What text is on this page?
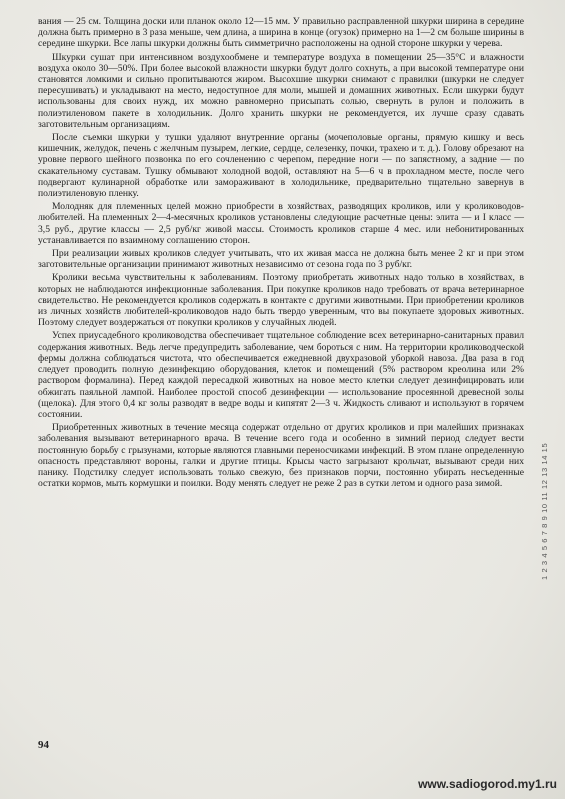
вания — 25 см. Толщина доски или планок около 12—15 мм. У правильно расправленной шкурки ширина в середине должна быть примерно в 3 раза меньше, чем длина, а ширина в конце (огузок) примерно на 1—2 см больше ширины в середине шкурки. Все лапы шкурки должны быть симметрично расположены на одной стороне шкурки у черева.

Шкурки сушат при интенсивном воздухообмене и температуре воздуха в помещении 25—35°С и влажности воздуха около 30—50%. При более высокой влажности шкурки будут долго сохнуть, а при высокой температуре они становятся ломкими и сильно пропитываются жиром. Высохшие шкурки снимают с правилки (шкурки не следует пересушивать) и укладывают на место, недоступное для моли, мышей и домашних животных. Если шкурки будут использованы для своих нужд, их можно равномерно присыпать солью, свернуть в рулон и положить в полиэтиленовом пакете в холодильник. Долго хранить шкурки не рекомендуется, их лучше сразу сдавать заготовительным организациям.

После съемки шкурки у тушки удаляют внутренние органы (мочеполовые органы, прямую кишку и весь кишечник, желудок, печень с желчным пузырем, легкие, сердце, селезенку, почки, трахею и т. д.). Голову обрезают на уровне первого шейного позвонка по его сочленению с черепом, передние ноги — по запястному, а задние — по скакательному суставам. Тушку обмывают холодной водой, оставляют на 5—6 ч в прохладном месте, после чего подвергают кулинарной обработке или замораживают в холодильнике, предварительно тщательно завернув в полиэтиленовую пленку.

Молодняк для племенных целей можно приобрести в хозяйствах, разводящих кроликов, или у кролиководов-любителей. На племенных 2—4-месячных кроликов установлены следующие расчетные цены: элита — и I класс — 3,5 руб., другие классы — 2,5 руб/кг живой массы. Стоимость кроликов старше 4 мес. или небонитированных устанавливается по взаимному соглашению сторон.

При реализации живых кроликов следует учитывать, что их живая масса не должна быть менее 2 кг и при этом заготовительные организации принимают животных независимо от сезона года по 3 руб/кг.

Кролики весьма чувствительны к заболеваниям. Поэтому приобретать животных надо только в хозяйствах, в которых не наблюдаются инфекционные заболевания. При покупке кроликов надо требовать от врача ветеринарное свидетельство. Не рекомендуется кроликов содержать в контакте с другими животными. При приобретении кроликов из личных хозяйств любителей-кролиководов надо быть твердо уверенным, что вы покупаете здоровых животных. Поэтому следует воздержаться от покупки кроликов у случайных людей.

Успех приусадебного кролиководства обеспечивает тщательное соблюдение всех ветеринарно-санитарных правил содержания животных. Ведь легче предупредить заболевание, чем бороться с ним. На территории кролиководческой фермы должна соблюдаться чистота, что обеспечивается ежедневной двухразовой уборкой навоза. Два раза в год следует проводить полную дезинфекцию оборудования, клеток и помещений (5% раствором креолина или 2% раствором формалина). Перед каждой пересадкой животных на новое место клетки следует дезинфицировать или обжигать паяльной лампой. Наиболее простой способ дезинфекции — использование просеянной древесной золы (щелока). Для этого 0,4 кг золы разводят в ведре воды и кипятят 2—3 ч. Жидкость сливают и используют в горячем состоянии.

Приобретенных животных в течение месяца содержат отдельно от других кроликов и при малейших признаках заболевания вызывают ветеринарного врача. В течение всего года и особенно в зимний период следует вести постоянную борьбу с грызунами, которые являются главными переносчиками инфекций. В этом плане определенную опасность представляют вороны, галки и другие птицы. Крысы часто загрызают крольчат, вызывают среди них панику. Подстилку следует использовать только свежую, без признаков порчи, постоянно убирать несъеденные остатки кормов, мыть кормушки и поилки. Воду менять следует не реже 2 раз в сутки летом и одного раза зимой.

94
1 2 3 4 5 6 7 8 9 10 11 12 13 14 15
www.sadiogorod.my1.ru
